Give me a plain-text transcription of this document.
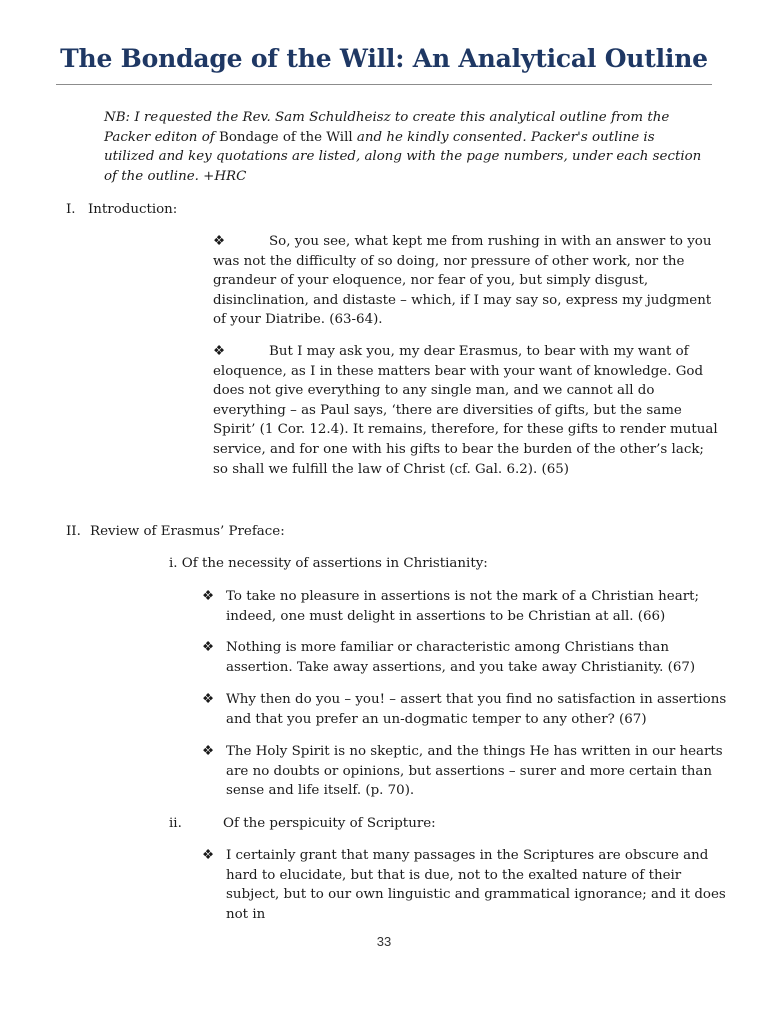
The Bondage of the Will: An Analytical Outline
NB: I requested the Rev. Sam Schuldheisz to create this analytical outline from the Packer editon of Bondage of the Will and he kindly consented. Packer's outline is utilized and key quotations are listed, along with the page numbers, under each section of the outline. +HRC
I. Introduction:

❖	So, you see, what kept me from rushing in with an answer to you was not the difficulty of so doing, nor pressure of other work, nor the grandeur of your eloquence, nor fear of you, but simply disgust, disinclination, and distaste – which, if I may say so, express my judgment of your Diatribe. (63-64).

❖	But I may ask you, my dear Erasmus, to bear with my want of eloquence, as I in these matters bear with your want of knowledge. God does not give everything to any single man, and we cannot all do everything – as Paul says, ‘there are diversities of gifts, but the same Spirit’ (1 Cor. 12.4). It remains, therefore, for these gifts to render mutual service, and for one with his gifts to bear the burden of the other’s lack; so shall we fulfill the law of Christ (cf. Gal. 6.2). (65)

II. Review of Erasmus’ Preface:
i. Of the necessity of assertions in Christianity:
❖ To take no pleasure in assertions is not the mark of a Christian heart; indeed, one must delight in assertions to be Christian at all. (66)
❖ Nothing is more familiar or characteristic among Christians than assertion. Take away assertions, and you take away Christianity. (67)
❖ Why then do you – you! – assert that you find no satisfaction in assertions and that you prefer an un-dogmatic temper to any other? (67)
❖ The Holy Spirit is no skeptic, and the things He has written in our hearts are no doubts or opinions, but assertions – surer and more certain than sense and life itself. (p. 70).
ii.	Of the perspicuity of Scripture:
❖ I certainly grant that many passages in the Scriptures are obscure and hard to elucidate, but that is due, not to the exalted nature of their subject, but to our own linguistic and grammatical ignorance; and it does not in
33
